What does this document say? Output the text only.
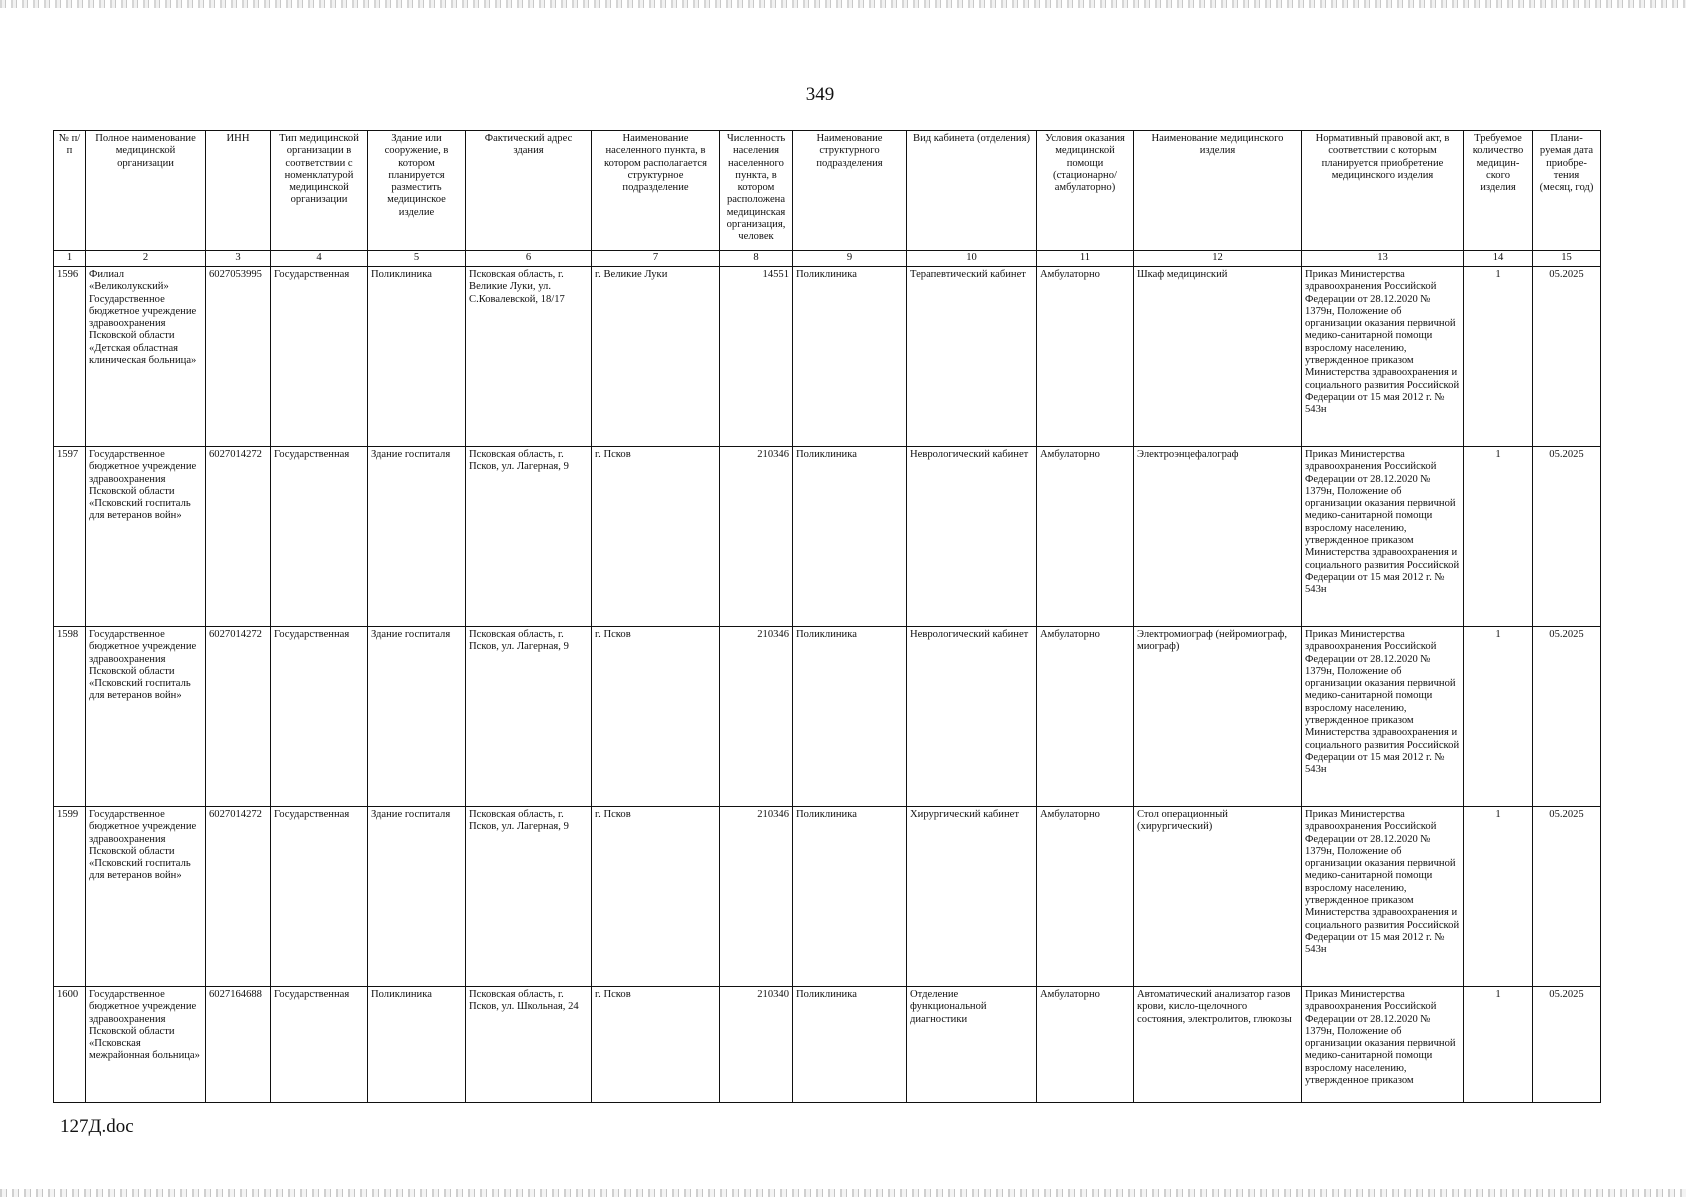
349
№ п/п	Полное наименование медицинской организации	ИНН	Тип медицинской организации в соответствии с номенклатурой медицинской организации	Здание или сооружение, в котором планируется разместить медицинское изделие	Фактический адрес здания	Наименование населенного пункта, в котором располагается структурное подразделение	Численность населения населенного пункта, в котором расположена медицинская организация, человек	Наименование структурного подразделения	Вид кабинета (отделения)	Условия оказания медицинской помощи (стационарно/ амбулаторно)	Наименование медицинского изделия	Нормативный правовой акт, в соответствии с которым планируется приобретение медицинского изделия	Требуемое количество медицин-ского изделия	Плани-руемая дата приобре-тения (месяц, год)
1	2	3	4	5	6	7	8	9	10	11	12	13	14	15
1596	Филиал «Великолукский» Государственное бюджетное учреждение здравоохранения Псковской области «Детская областная клиническая больница»	6027053995	Государственная	Поликлиника	Псковская область, г. Великие Луки, ул. С.Ковалевской, 18/17	г. Великие Луки	14551	Поликлиника	Терапевтический кабинет	Амбулаторно	Шкаф медицинский	Приказ Министерства здравоохранения Российской Федерации от 28.12.2020 № 1379н, Положение об организации оказания первичной медико-санитарной помощи взрослому населению, утвержденное приказом Министерства здравоохранения и социального развития Российской Федерации от 15 мая 2012 г. № 543н	1	05.2025
1597	Государственное бюджетное учреждение здравоохранения Псковской области «Псковский госпиталь для ветеранов войн»	6027014272	Государственная	Здание госпиталя	Псковская область, г. Псков, ул. Лагерная, 9	г. Псков	210346	Поликлиника	Неврологический кабинет	Амбулаторно	Электроэнцефалограф	Приказ Министерства здравоохранения Российской Федерации от 28.12.2020 № 1379н, Положение об организации оказания первичной медико-санитарной помощи взрослому населению, утвержденное приказом Министерства здравоохранения и социального развития Российской Федерации от 15 мая 2012 г. № 543н	1	05.2025
1598	Государственное бюджетное учреждение здравоохранения Псковской области «Псковский госпиталь для ветеранов войн»	6027014272	Государственная	Здание госпиталя	Псковская область, г. Псков, ул. Лагерная, 9	г. Псков	210346	Поликлиника	Неврологический кабинет	Амбулаторно	Электромиограф (нейромиограф, миограф)	Приказ Министерства здравоохранения Российской Федерации от 28.12.2020 № 1379н, Положение об организации оказания первичной медико-санитарной помощи взрослому населению, утвержденное приказом Министерства здравоохранения и социального развития Российской Федерации от 15 мая 2012 г. № 543н	1	05.2025
1599	Государственное бюджетное учреждение здравоохранения Псковской области «Псковский госпиталь для ветеранов войн»	6027014272	Государственная	Здание госпиталя	Псковская область, г. Псков, ул. Лагерная, 9	г. Псков	210346	Поликлиника	Хирургический кабинет	Амбулаторно	Стол операционный (хирургический)	Приказ Министерства здравоохранения Российской Федерации от 28.12.2020 № 1379н, Положение об организации оказания первичной медико-санитарной помощи взрослому населению, утвержденное приказом Министерства здравоохранения и социального развития Российской Федерации от 15 мая 2012 г. № 543н	1	05.2025
1600	Государственное бюджетное учреждение здравоохранения Псковской области «Псковская межрайонная больница»	6027164688	Государственная	Поликлиника	Псковская область, г. Псков, ул. Школьная, 24	г. Псков	210340	Поликлиника	Отделение функциональной диагностики	Амбулаторно	Автоматический анализатор газов крови, кисло-щелочного состояния, электролитов, глюкозы	Приказ Министерства здравоохранения Российской Федерации от 28.12.2020 № 1379н, Положение об организации оказания первичной медико-санитарной помощи взрослому населению, утвержденное приказом	1	05.2025
127Д.doc
